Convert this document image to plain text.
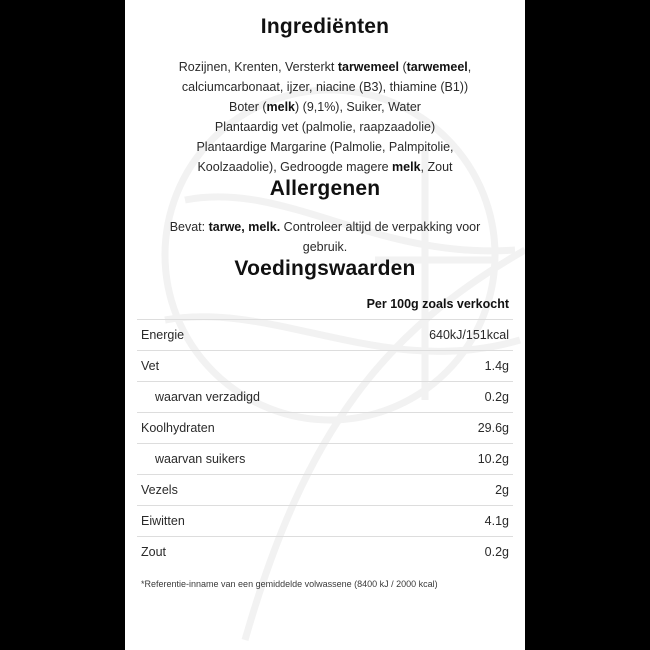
Ingrediënten
Rozijnen, Krenten, Versterkt tarwemeel (tarwemeel,
calciumcarbonaat, ijzer, niacine (B3), thiamine (B1))
Boter (melk) (9,1%), Suiker, Water
Plantaardig vet (palmolie, raapzaadolie)
Plantaardige Margarine (Palmolie, Palmpitolie,
Koolzaadolie), Gedroogde magere melk, Zout
Allergenen
Bevat: tarwe, melk. Controleer altijd de verpakking voor
gebruik.
Voedingswaarden
	Per 100g zoals verkocht
Energie	640kJ/151kcal
Vet	1.4g
waarvan verzadigd	0.2g
Koolhydraten	29.6g
waarvan suikers	10.2g
Vezels	2g
Eiwitten	4.1g
Zout	0.2g
*Referentie-inname van een gemiddelde volwassene (8400 kJ / 2000 kcal)
